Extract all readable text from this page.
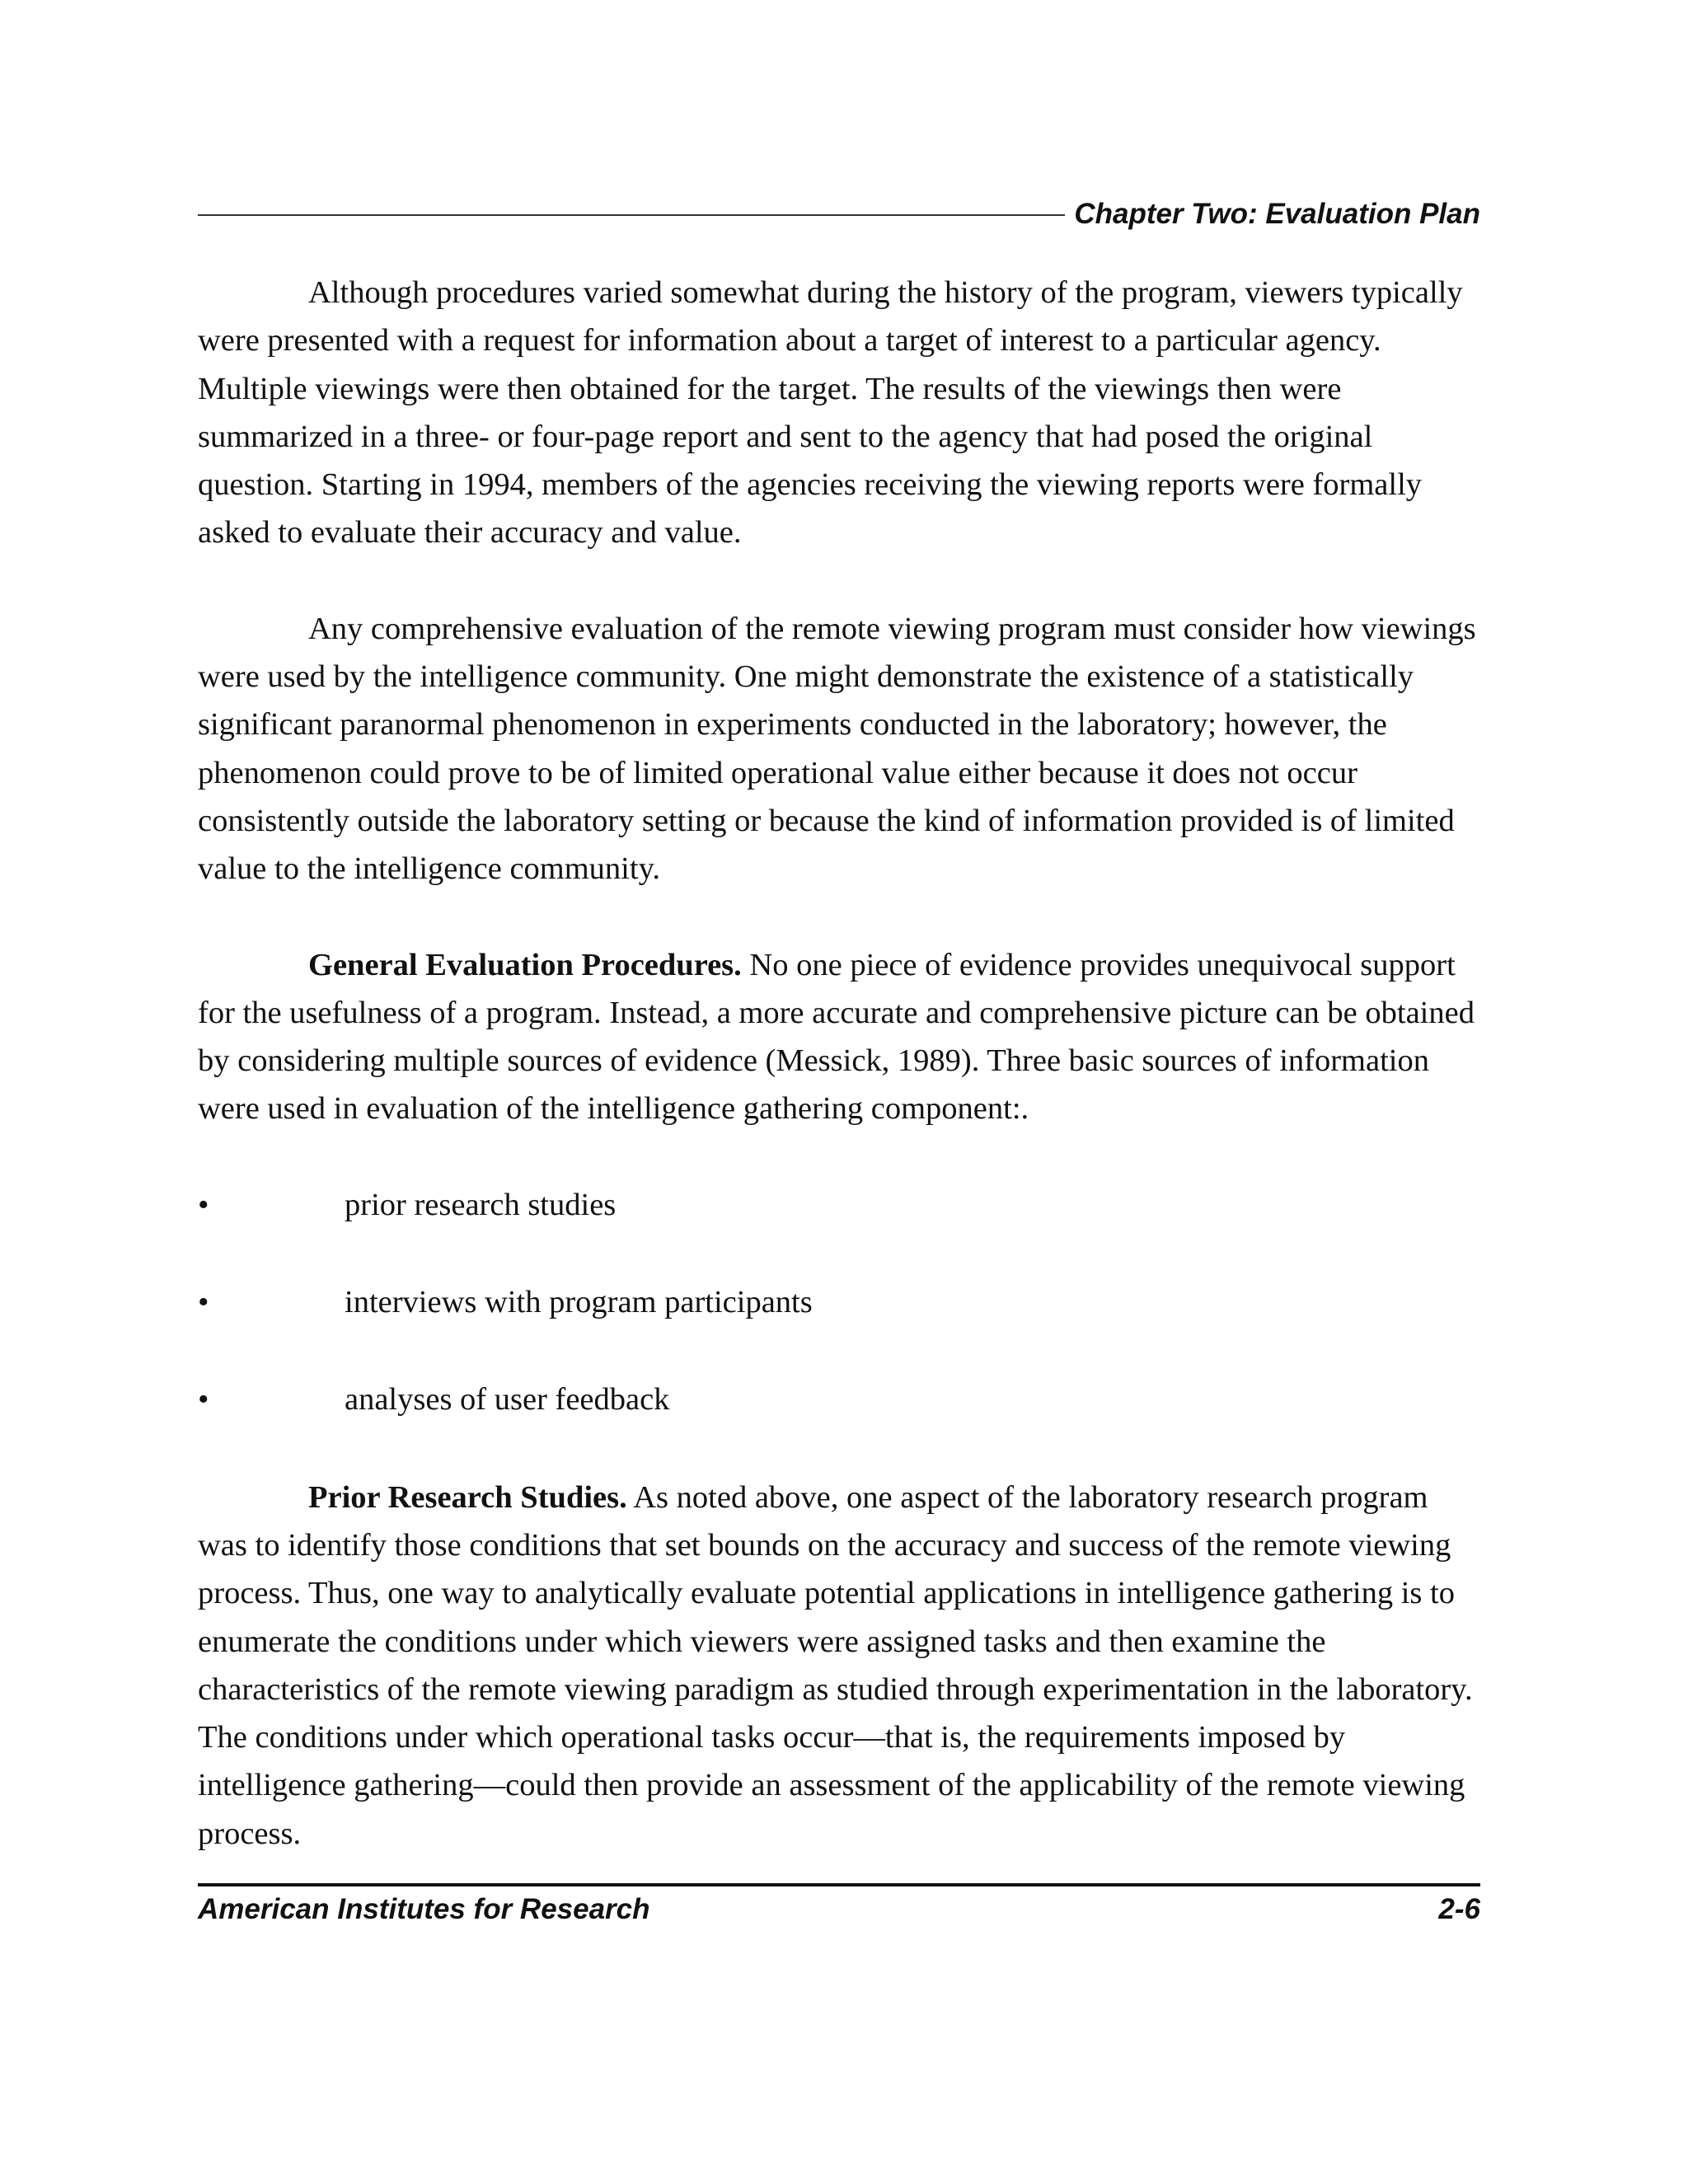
Chapter Two: Evaluation Plan

Although procedures varied somewhat during the history of the program, viewers typically were presented with a request for information about a target of interest to a particular agency. Multiple viewings were then obtained for the target. The results of the viewings then were summarized in a three- or four-page report and sent to the agency that had posed the original question. Starting in 1994, members of the agencies receiving the viewing reports were formally asked to evaluate their accuracy and value.

Any comprehensive evaluation of the remote viewing program must consider how viewings were used by the intelligence community. One might demonstrate the existence of a statistically significant paranormal phenomenon in experiments conducted in the laboratory; however, the phenomenon could prove to be of limited operational value either because it does not occur consistently outside the laboratory setting or because the kind of information provided is of limited value to the intelligence community.

General Evaluation Procedures. No one piece of evidence provides unequivocal support for the usefulness of a program. Instead, a more accurate and comprehensive picture can be obtained by considering multiple sources of evidence (Messick, 1989). Three basic sources of information were used in evaluation of the intelligence gathering component:.

•	prior research studies
•	interviews with program participants
•	analyses of user feedback

Prior Research Studies. As noted above, one aspect of the laboratory research program was to identify those conditions that set bounds on the accuracy and success of the remote viewing process. Thus, one way to analytically evaluate potential applications in intelligence gathering is to enumerate the conditions under which viewers were assigned tasks and then examine the characteristics of the remote viewing paradigm as studied through experimentation in the laboratory. The conditions under which operational tasks occur—that is, the requirements imposed by intelligence gathering—could then provide an assessment of the applicability of the remote viewing process.

American Institutes for Research	2-6
